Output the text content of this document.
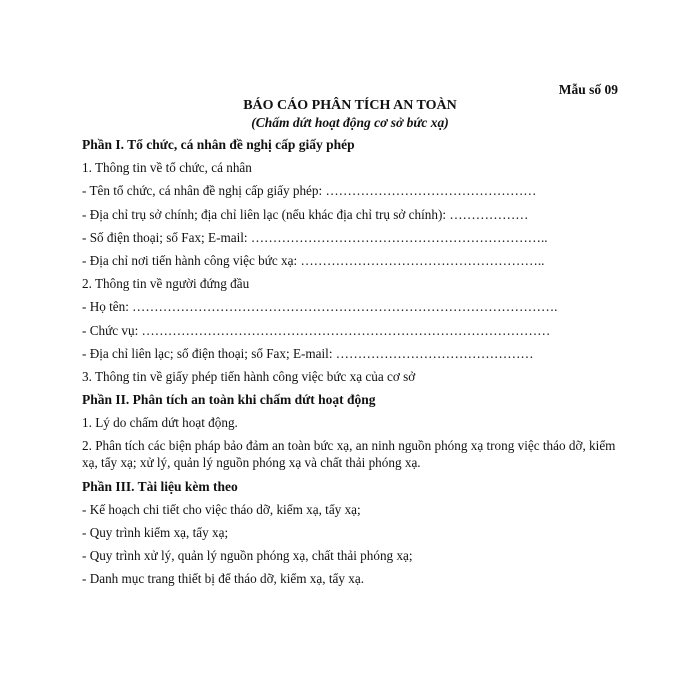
Mẫu số 09
BÁO CÁO PHÂN TÍCH AN TOÀN
(Chấm dứt hoạt động cơ sở bức xạ)
Phần I. Tổ chức, cá nhân đề nghị cấp giấy phép
1. Thông tin về tổ chức, cá nhân
- Tên tổ chức, cá nhân đề nghị cấp giấy phép: …………………………………………
- Địa chỉ trụ sở chính; địa chỉ liên lạc (nếu khác địa chỉ trụ sở chính): ………………
- Số điện thoại; số Fax; E-mail: …………………………………………………………..
- Địa chỉ nơi tiến hành công việc bức xạ: ………………………………………………..
2. Thông tin về người đứng đầu
- Họ tên: …………………………………………………………………………………….
- Chức vụ: …………………………………………………………………………………
- Địa chỉ liên lạc; số điện thoại; số Fax; E-mail: ………………………………………
3. Thông tin về giấy phép tiến hành công việc bức xạ của cơ sở
Phần II. Phân tích an toàn khi chấm dứt hoạt động
1. Lý do chấm dứt hoạt động.
2. Phân tích các biện pháp bảo đảm an toàn bức xạ, an ninh nguồn phóng xạ trong việc tháo dỡ, kiểm xạ, tẩy xạ; xử lý, quản lý nguồn phóng xạ và chất thải phóng xạ.
Phần III. Tài liệu kèm theo
- Kế hoạch chi tiết cho việc tháo dỡ, kiểm xạ, tẩy xạ;
- Quy trình kiểm xạ, tẩy xạ;
- Quy trình xử lý, quản lý nguồn phóng xạ, chất thải phóng xạ;
- Danh mục trang thiết bị để tháo dỡ, kiểm xạ, tẩy xạ.
